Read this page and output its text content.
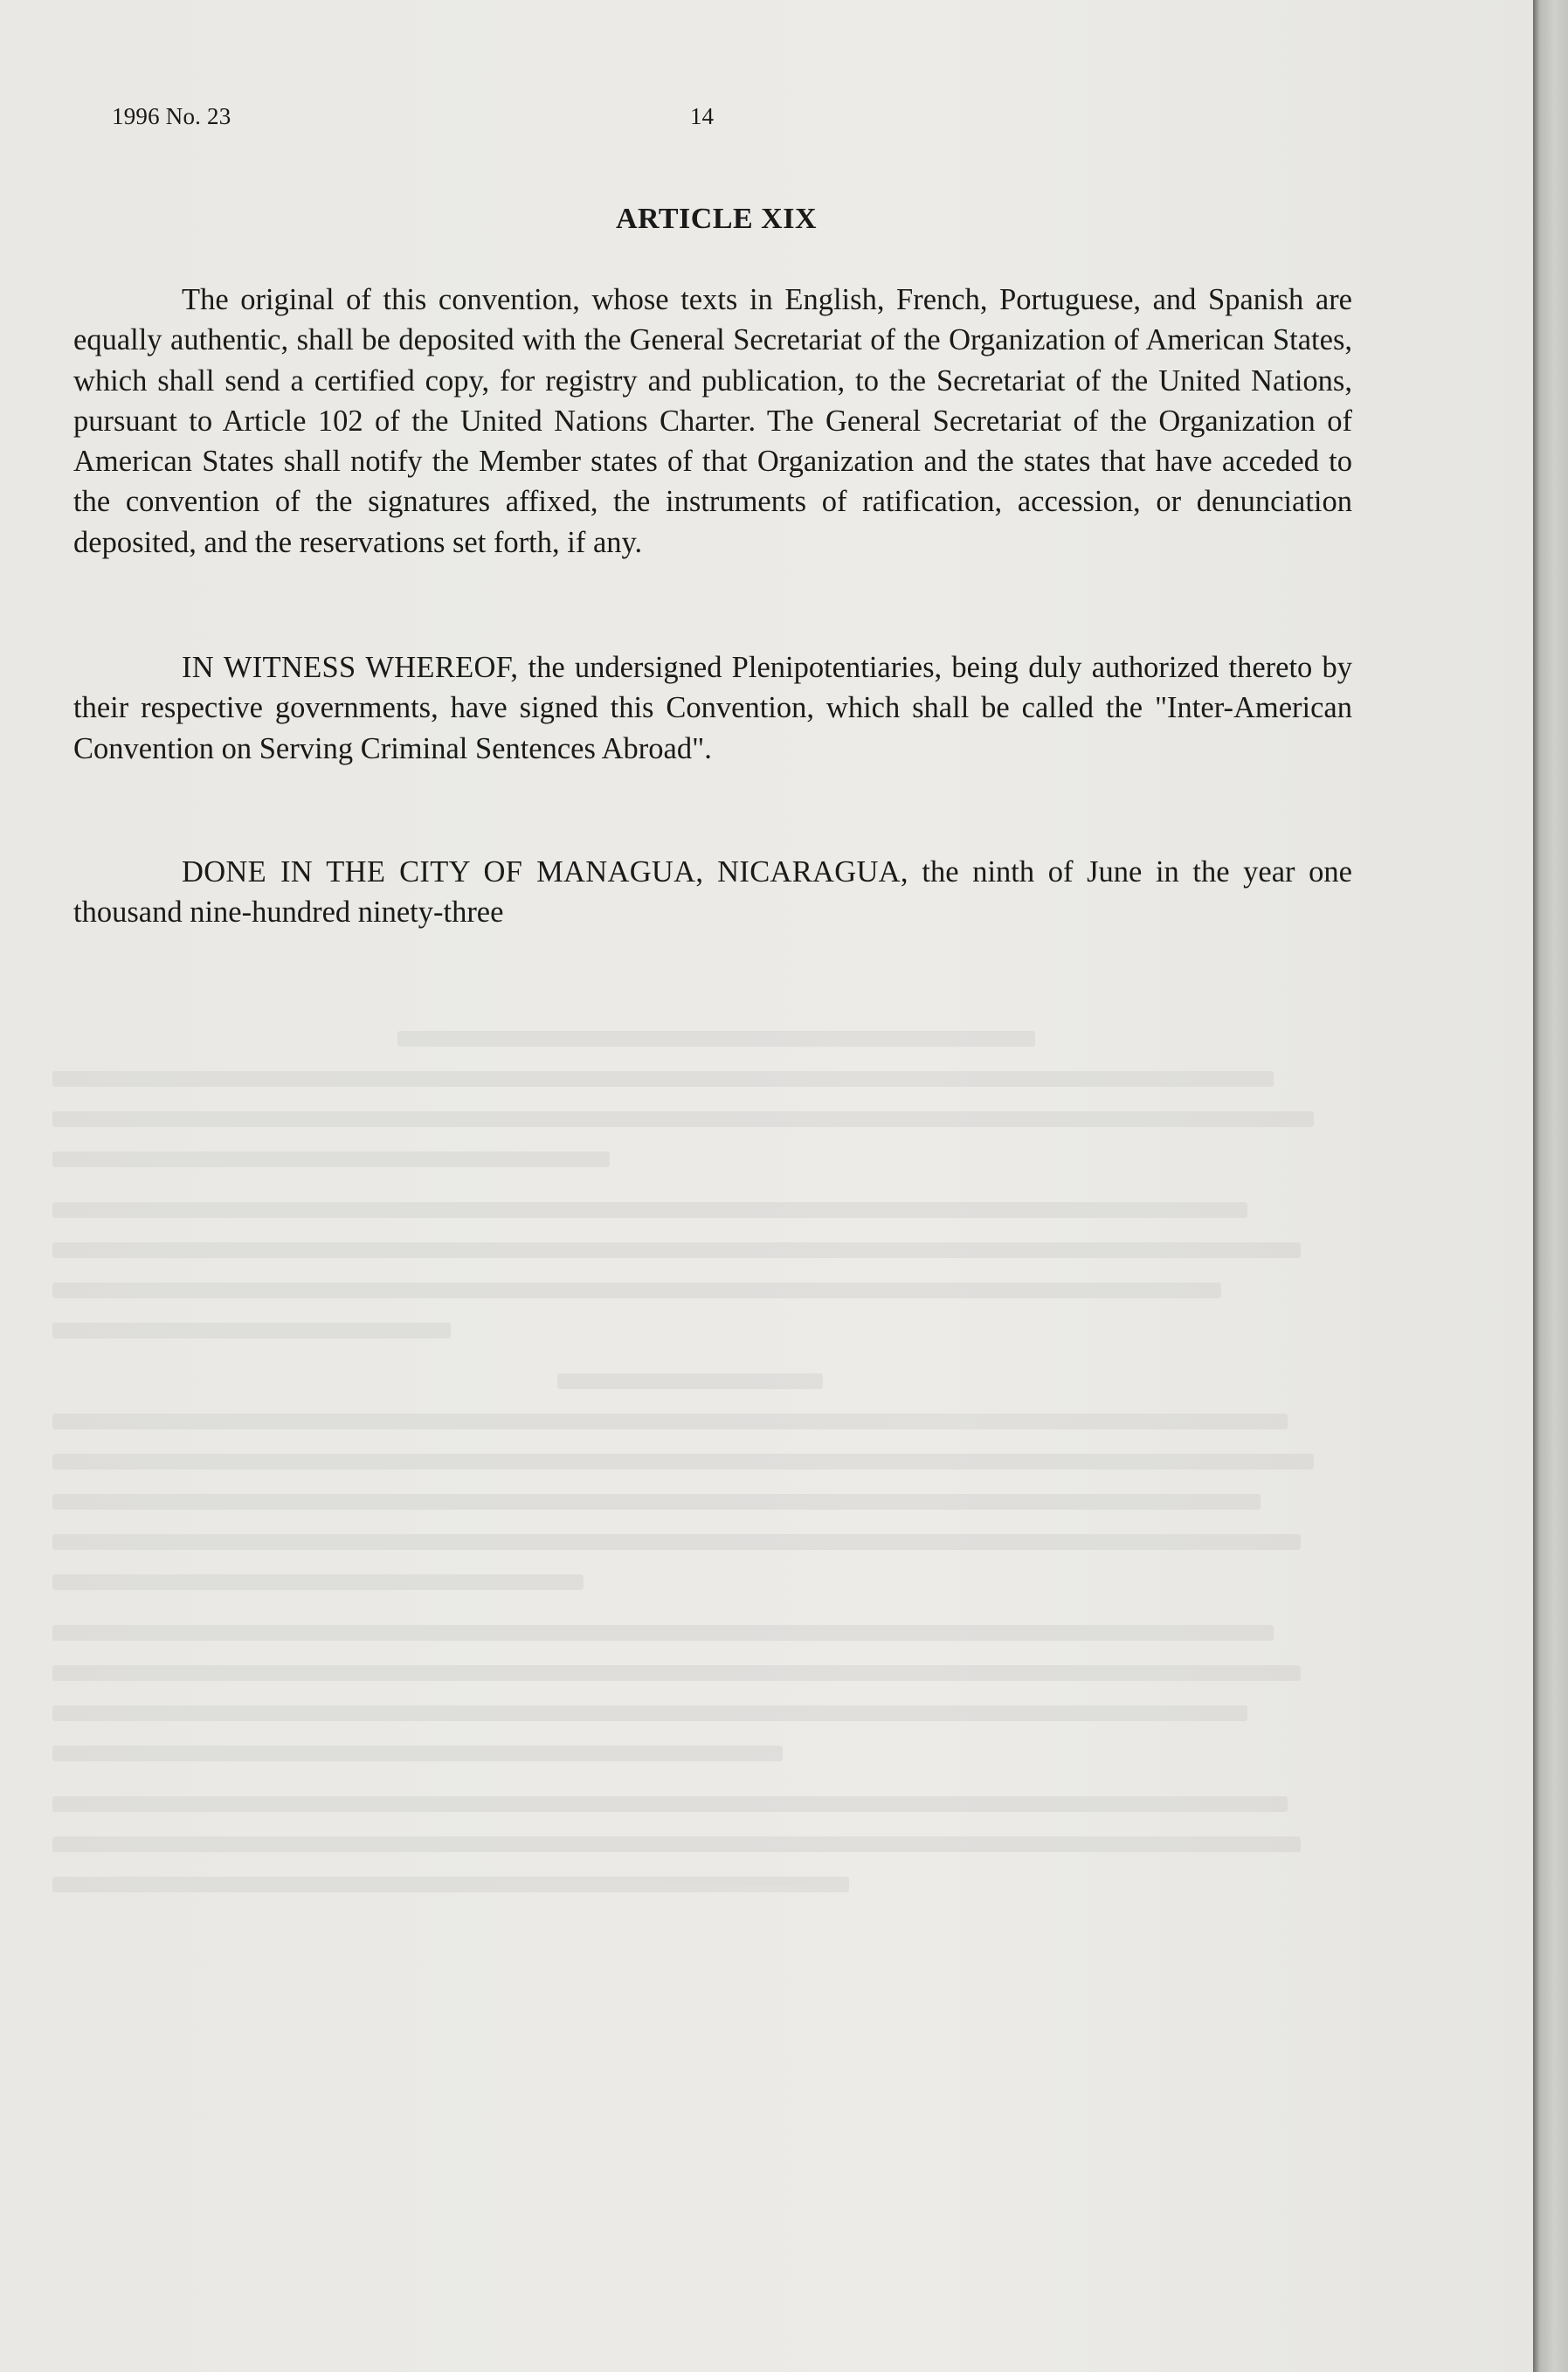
1996 No. 23	14
ARTICLE XIX

The original of this convention, whose texts in English, French, Portuguese, and Spanish are equally authentic, shall be deposited with the General Secretariat of the Organization of American States, which shall send a certified copy, for registry and publication, to the Secretariat of the United Nations, pursuant to Article 102 of the United Nations Charter. The General Secretariat of the Organization of American States shall notify the Member states of that Organization and the states that have acceded to the convention of the signatures affixed, the instruments of ratification, accession, or denunciation deposited, and the reservations set forth, if any.

IN WITNESS WHEREOF, the undersigned Plenipotentiaries, being duly authorized thereto by their respective governments, have signed this Convention, which shall be called the "Inter-American Convention on Serving Criminal Sentences Abroad".

DONE IN THE CITY OF MANAGUA, NICARAGUA, the ninth of June in the year one thousand nine-hundred ninety-three
